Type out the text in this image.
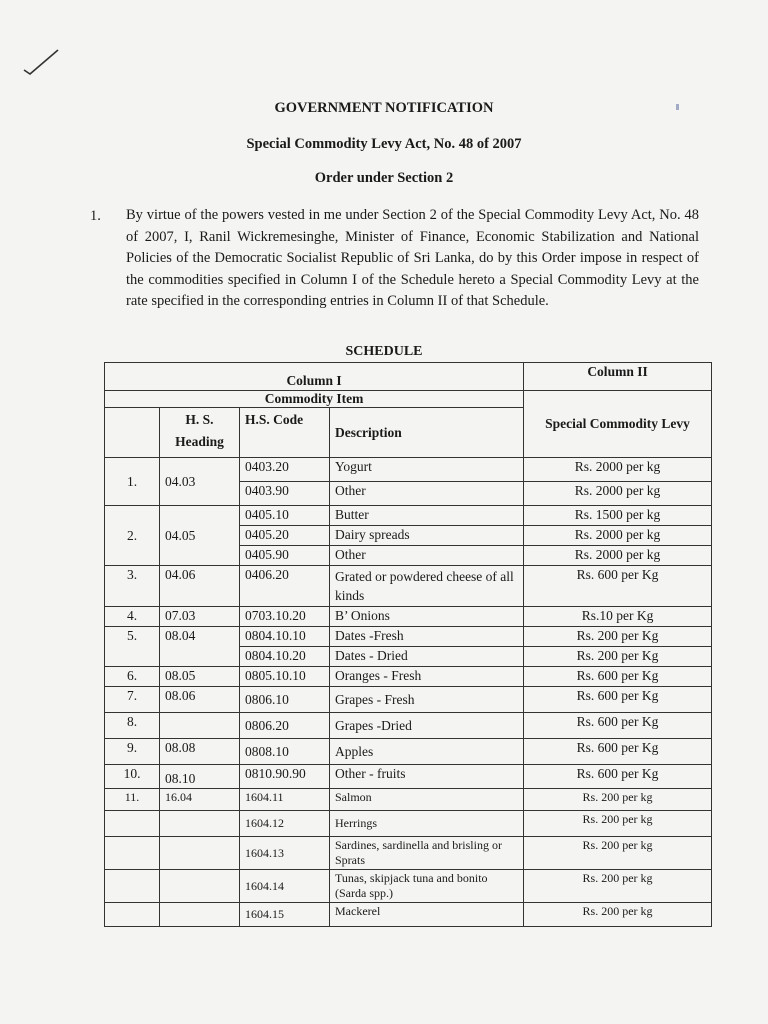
GOVERNMENT NOTIFICATION
Special Commodity Levy Act, No. 48 of 2007
Order under Section 2
1. By virtue of the powers vested in me under Section 2 of the Special Commodity Levy Act, No. 48 of 2007, I, Ranil Wickremesinghe, Minister of Finance, Economic Stabilization and National Policies of the Democratic Socialist Republic of Sri Lanka, do by this Order impose in respect of the commodities specified in Column I of the Schedule hereto a Special Commodity Levy at the rate specified in the corresponding entries in Column II of that Schedule.
SCHEDULE
Column I				Column II
Commodity Item				Special Commodity Levy
	H. S. Heading	H.S. Code	Description	
1.	04.03	0403.20	Yogurt	Rs. 2000 per kg
		0403.90	Other	Rs. 2000 per kg
2.	04.05	0405.10	Butter	Rs. 1500 per kg
		0405.20	Dairy spreads	Rs. 2000 per kg
		0405.90	Other	Rs. 2000 per kg
3.	04.06	0406.20	Grated or powdered cheese of all kinds	Rs. 600 per Kg
4.	07.03	0703.10.20	B’ Onions	Rs.10 per Kg
5.	08.04	0804.10.10	Dates -Fresh	Rs. 200 per Kg
		0804.10.20	Dates - Dried	Rs. 200 per Kg
6.	08.05	0805.10.10	Oranges - Fresh	Rs. 600 per Kg
7.	08.06	0806.10	Grapes - Fresh	Rs. 600 per Kg
8.		0806.20	Grapes -Dried	Rs. 600 per Kg
9.	08.08	0808.10	Apples	Rs. 600 per Kg
10.	08.10	0810.90.90	Other - fruits	Rs. 600 per Kg
11.	16.04	1604.11	Salmon	Rs. 200 per kg
		1604.12	Herrings	Rs. 200 per kg
		1604.13	Sardines, sardinella and brisling or Sprats	Rs. 200 per kg
		1604.14	Tunas, skipjack tuna and bonito (Sarda spp.)	Rs. 200 per kg
		1604.15	Mackerel	Rs. 200 per kg
